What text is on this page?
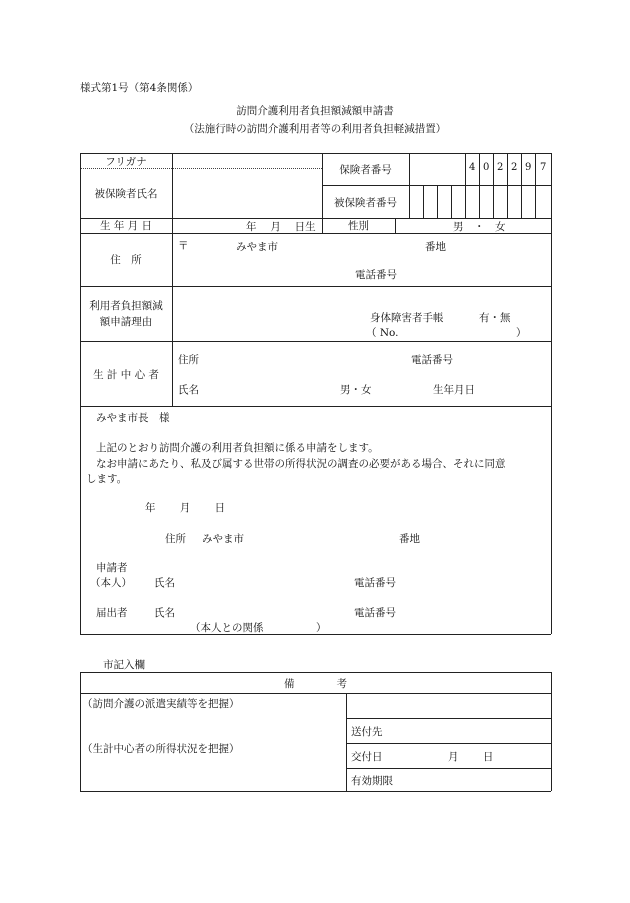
様式第1号（第4条関係）
訪問介護利用者負担額減額申請書
（法施行時の訪問介護利用者等の利用者負担軽減措置）
フリガナ
被保険者氏名
保険者番号	4 0 2 2 9 7
被保険者番号
生 年 月 日	年　 月　 日生	性別	男　・　女
住　所
〒	みやま市	番地
電話番号
利用者負担額減
額申請理由	身体障害者手帳	有・無
（ No.	）
生 計 中 心 者
住所	電話番号
氏名	男・女	生年月日
みやま市長　様
上記のとおり訪問介護の利用者負担額に係る申請をします。
なお申請にあたり、私及び属する世帯の所得状況の調査の必要がある場合、それに同意
します。
年　　 月　　 日
住所 みやま市	番地
申請者
（本人） 氏名	電話番号
届出者	氏名	電話番号
（本人との関係　　　　　）
市記入欄
備　　　　考
（訪問介護の派遣実績等を把握）
（生計中心者の所得状況を把握）
送付先
交付日	月　　 日
有効期限
